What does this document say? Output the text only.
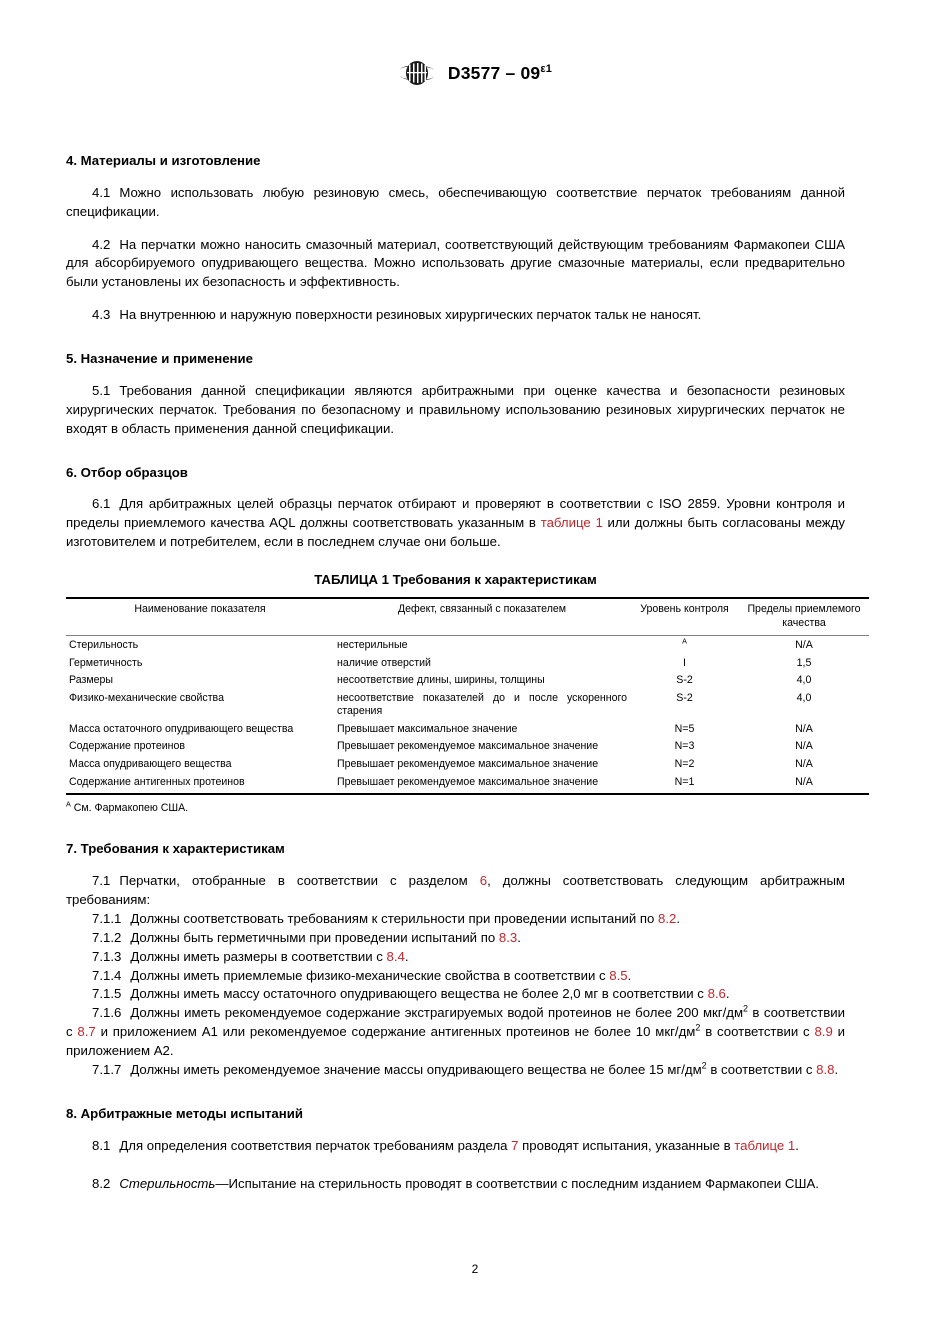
$D3577 - 09^{\varepsilon 1}$

4. Материалы и изготовление

4.1 Можно использовать любую резиновую смесь, обеспечивающую соответствие перчаток требованиям данной спецификации.

4.2 На перчатки можно наносить смазочный материал, соответствующий действующим требованиям Фармакопеи США для абсорбируемого опудривающего вещества. Можно использовать другие смазочные материалы, если предварительно были установлены их безопасность и эффективность.

4.3 На внутреннюю и наружную поверхности резиновых хирургических перчаток тальк не наносят.

5. Назначение и применение

5.1 Требования данной спецификации являются арбитражными при оценке качества и безопасности резиновых хирургических перчаток. Требования по безопасному и правильному использованию резиновых хирургических перчаток не входят в область применения данной спецификации.

6. Отбор образцов

6.1 Для арбитражных целей образцы перчаток отбирают и проверяют в соответствии с ISO 2859. Уровни контроля и пределы приемлемого качества AQL должны соответствовать указанным в таблице 1 или должны быть согласованы между изготовителем и потребителем, если в последнем случае они больше.

ТАБЛИЦА 1 Требования к характеристикам

Наименование показателя	Дефект, связанный с показателем	Уровень контроля	Пределы приемлемого качества
Стерильность	нестерильные	$^A$	N/A
Герметичность	наличие отверстий	I	1,5
Размеры	несоответствие длины, ширины, толщины	S-2	4,0
Физико-механические свойства	несоответствие показателей до и после ускоренного старения	S-2	4,0
Масса остаточного опудривающего вещества	Превышает максимальное значение	N=5	N/A
Содержание протеинов	Превышает рекомендуемое максимальное значение	N=3	N/A
Масса опудривающего вещества	Превышает рекомендуемое максимальное значение	N=2	N/A
Содержание антигенных протеинов	Превышает рекомендуемое максимальное значение	N=1	N/A

$^A$ См. Фармакопею США.

7. Требования к характеристикам

7.1 Перчатки, отобранные в соответствии с разделом 6, должны соответствовать следующим арбитражным требованиям:

7.1.1 Должны соответствовать требованиям к стерильности при проведении испытаний по 8.2.

7.1.2 Должны быть герметичными при проведении испытаний по 8.3.

7.1.3 Должны иметь размеры в соответствии с 8.4.

7.1.4 Должны иметь приемлемые физико-механические свойства в соответствии с 8.5.

7.1.5 Должны иметь массу остаточного опудривающего вещества не более 2,0 мг в соответствии с 8.6.

7.1.6 Должны иметь рекомендуемое содержание экстрагируемых водой протеинов не более 200 мкг/$дм^2$ в соответствии с 8.7 и приложением А1 или рекомендуемое содержание антигенных протеинов не более 10 мкг/$дм^2$ в соответствии с 8.9 и приложением А2.

7.1.7 Должны иметь рекомендуемое значение массы опудривающего вещества не более 15 $мг/дм^2$ в соответствии с 8.8.

8. Арбитражные методы испытаний

8.1 Для определения соответствия перчаток требованиям раздела 7 проводят испытания, указанные в таблице 1.

8.2 Стерильность—Испытание на стерильность проводят в соответствии с последним изданием Фармакопеи США.

2
